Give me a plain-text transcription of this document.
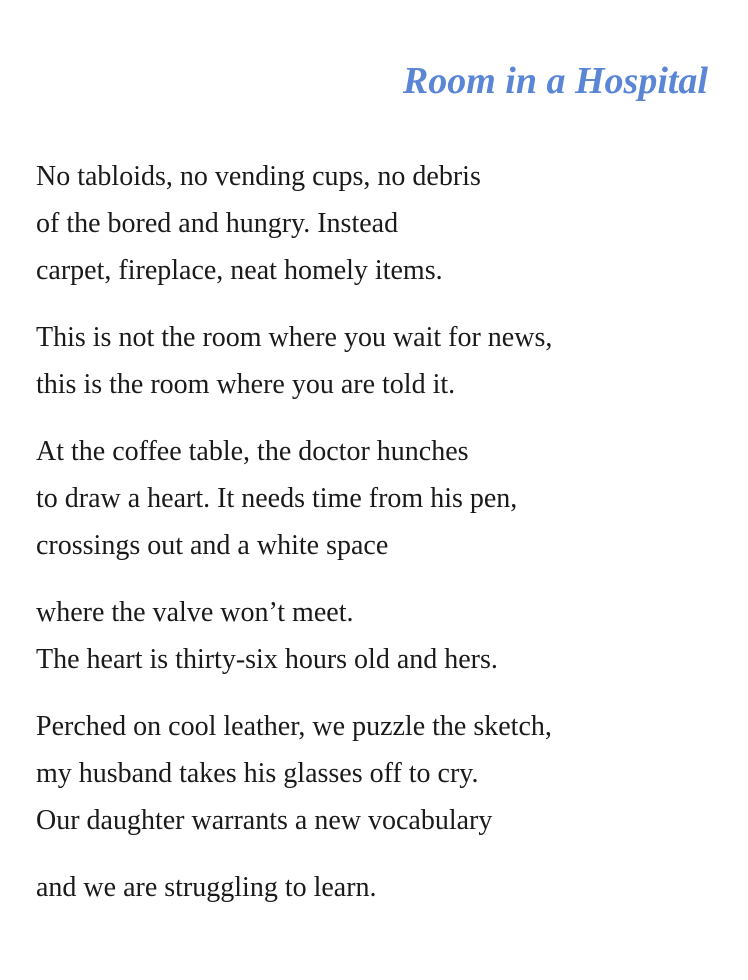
Room in a Hospital

No tabloids, no vending cups, no debris
of the bored and hungry. Instead
carpet, fireplace, neat homely items.

This is not the room where you wait for news,
this is the room where you are told it.

At the coffee table, the doctor hunches
to draw a heart. It needs time from his pen,
crossings out and a white space

where the valve won’t meet.
The heart is thirty-six hours old and hers.

Perched on cool leather, we puzzle the sketch,
my husband takes his glasses off to cry.
Our daughter warrants a new vocabulary

and we are struggling to learn.
